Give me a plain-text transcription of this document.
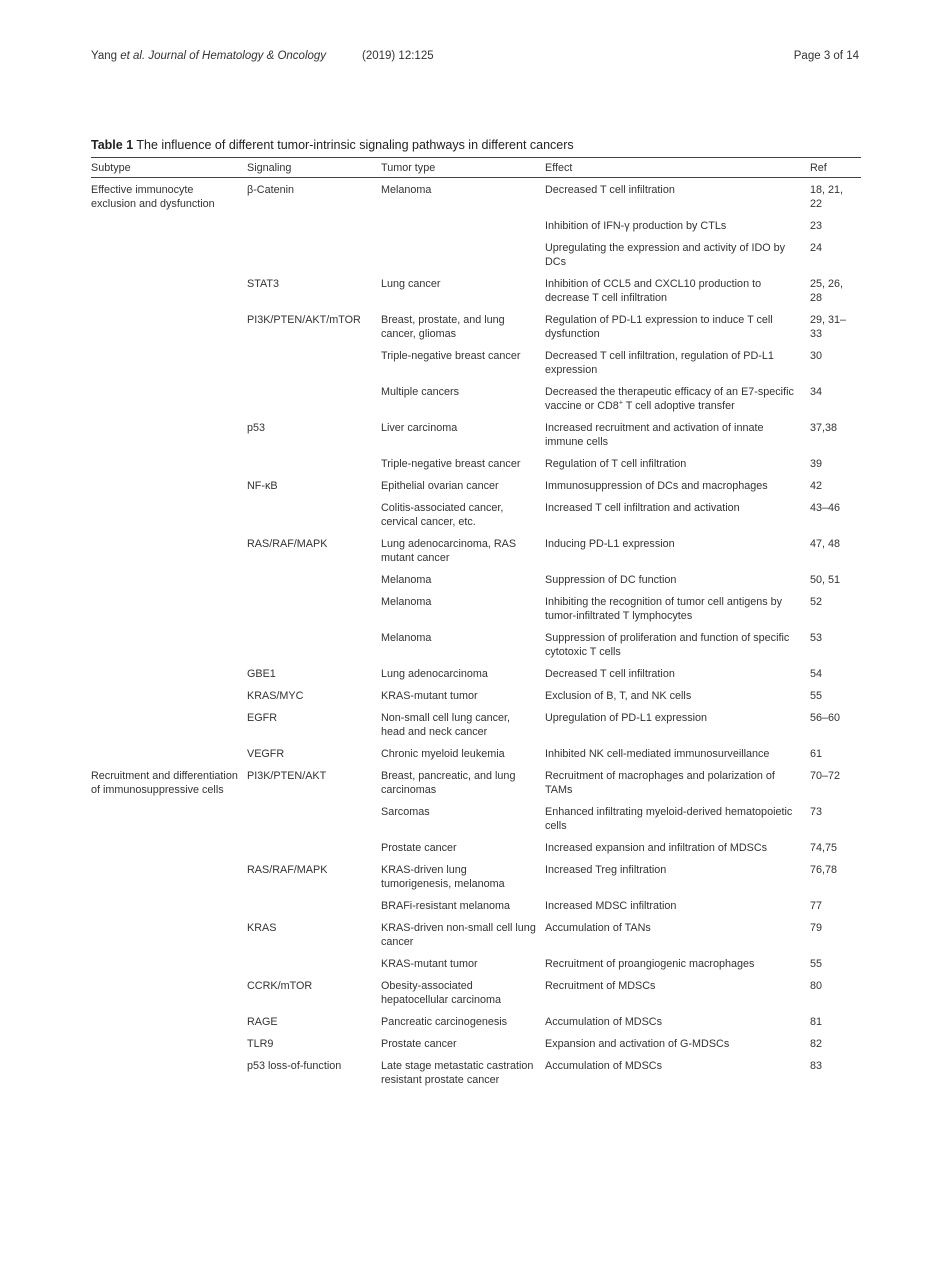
Yang et al. Journal of Hematology & Oncology	(2019) 12:125	Page 3 of 14
Table 1 The influence of different tumor-intrinsic signaling pathways in different cancers
Subtype	Signaling	Tumor type	Effect	Ref
Effective immunocyte exclusion and dysfunction	β-Catenin	Melanoma	Decreased T cell infiltration	18, 21, 22
			Inhibition of IFN-γ production by CTLs	23
			Upregulating the expression and activity of IDO by DCs	24
	STAT3	Lung cancer	Inhibition of CCL5 and CXCL10 production to decrease T cell infiltration	25, 26, 28
	PI3K/PTEN/AKT/mTOR	Breast, prostate, and lung cancer, gliomas	Regulation of PD-L1 expression to induce T cell dysfunction	29, 31–33
		Triple-negative breast cancer	Decreased T cell infiltration, regulation of PD-L1 expression	30
		Multiple cancers	Decreased the therapeutic efficacy of an E7-specific vaccine or CD8+ T cell adoptive transfer	34
	p53	Liver carcinoma	Increased recruitment and activation of innate immune cells	37,38
		Triple-negative breast cancer	Regulation of T cell infiltration	39
	NF-κB	Epithelial ovarian cancer	Immunosuppression of DCs and macrophages	42
		Colitis-associated cancer, cervical cancer, etc.	Increased T cell infiltration and activation	43–46
	RAS/RAF/MAPK	Lung adenocarcinoma, RAS mutant cancer	Inducing PD-L1 expression	47, 48
		Melanoma	Suppression of DC function	50, 51
		Melanoma	Inhibiting the recognition of tumor cell antigens by tumor-infiltrated T lymphocytes	52
		Melanoma	Suppression of proliferation and function of specific cytotoxic T cells	53
	GBE1	Lung adenocarcinoma	Decreased T cell infiltration	54
	KRAS/MYC	KRAS-mutant tumor	Exclusion of B, T, and NK cells	55
	EGFR	Non-small cell lung cancer, head and neck cancer	Upregulation of PD-L1 expression	56–60
	VEGFR	Chronic myeloid leukemia	Inhibited NK cell-mediated immunosurveillance	61
Recruitment and differentiation of immunosuppressive cells	PI3K/PTEN/AKT	Breast, pancreatic, and lung carcinomas	Recruitment of macrophages and polarization of TAMs	70–72
		Sarcomas	Enhanced infiltrating myeloid-derived hematopoietic cells	73
		Prostate cancer	Increased expansion and infiltration of MDSCs	74,75
	RAS/RAF/MAPK	KRAS-driven lung tumorigenesis, melanoma	Increased Treg infiltration	76,78
		BRAFi-resistant melanoma	Increased MDSC infiltration	77
	KRAS	KRAS-driven non-small cell lung cancer	Accumulation of TANs	79
		KRAS-mutant tumor	Recruitment of proangiogenic macrophages	55
	CCRK/mTOR	Obesity-associated hepatocellular carcinoma	Recruitment of MDSCs	80
	RAGE	Pancreatic carcinogenesis	Accumulation of MDSCs	81
	TLR9	Prostate cancer	Expansion and activation of G-MDSCs	82
	p53 loss-of-function	Late stage metastatic castration resistant prostate cancer	Accumulation of MDSCs	83
